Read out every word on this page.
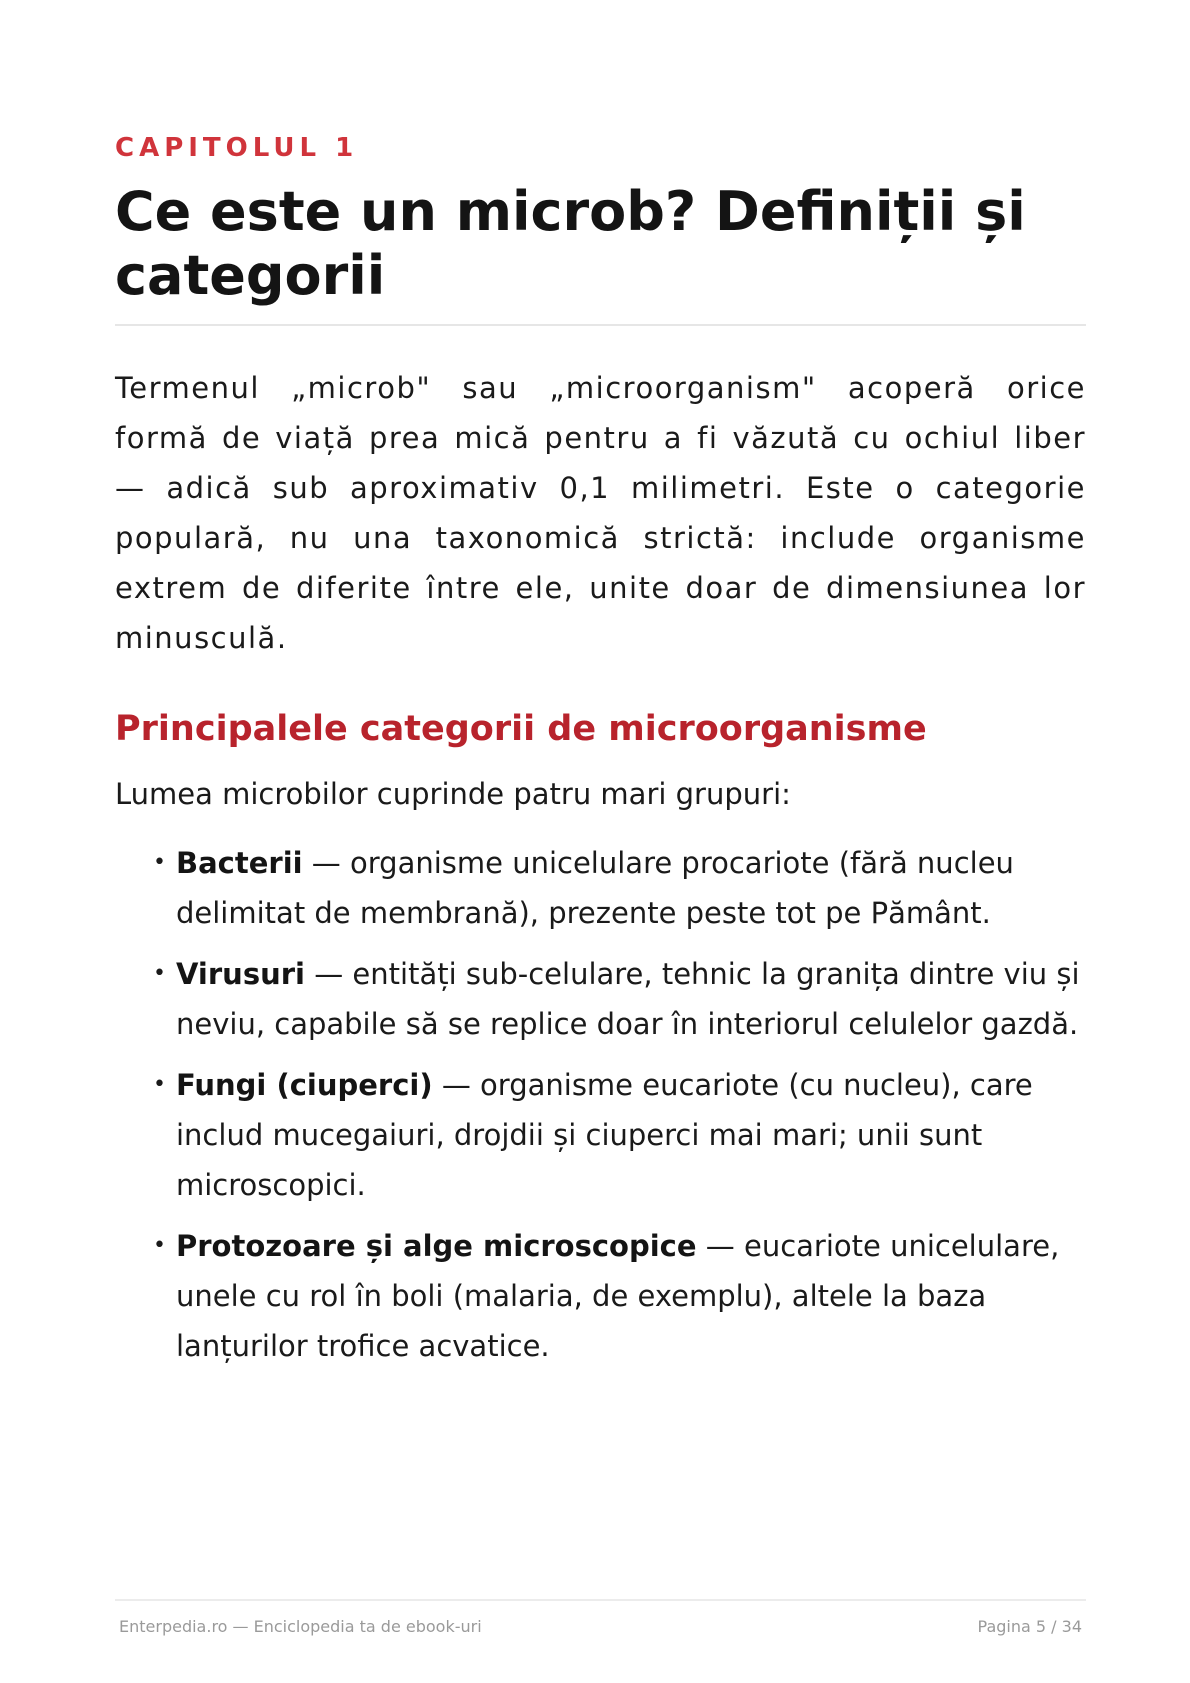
CAPITOLUL 1
Ce este un microb? Definiții și categorii

Termenul „microb" sau „microorganism" acoperă orice formă de viață prea mică pentru a fi văzută cu ochiul liber — adică sub aproximativ 0,1 milimetri. Este o categorie populară, nu una taxonomică strictă: include organisme extrem de diferite între ele, unite doar de dimensiunea lor minusculă.

Principalele categorii de microorganisme

Lumea microbilor cuprinde patru mari grupuri:

• Bacterii — organisme unicelulare procariote (fără nucleu delimitat de membrană), prezente peste tot pe Pământ.
• Virusuri — entități sub-celulare, tehnic la granița dintre viu și neviu, capabile să se replice doar în interiorul celulelor gazdă.
• Fungi (ciuperci) — organisme eucariote (cu nucleu), care includ mucegaiuri, drojdii și ciuperci mai mari; unii sunt microscopici.
• Protozoare și alge microscopice — eucariote unicelulare, unele cu rol în boli (malaria, de exemplu), altele la baza lanțurilor trofice acvatice.
Enterpedia.ro — Enciclopedia ta de ebook-uri	Pagina 5 / 34
